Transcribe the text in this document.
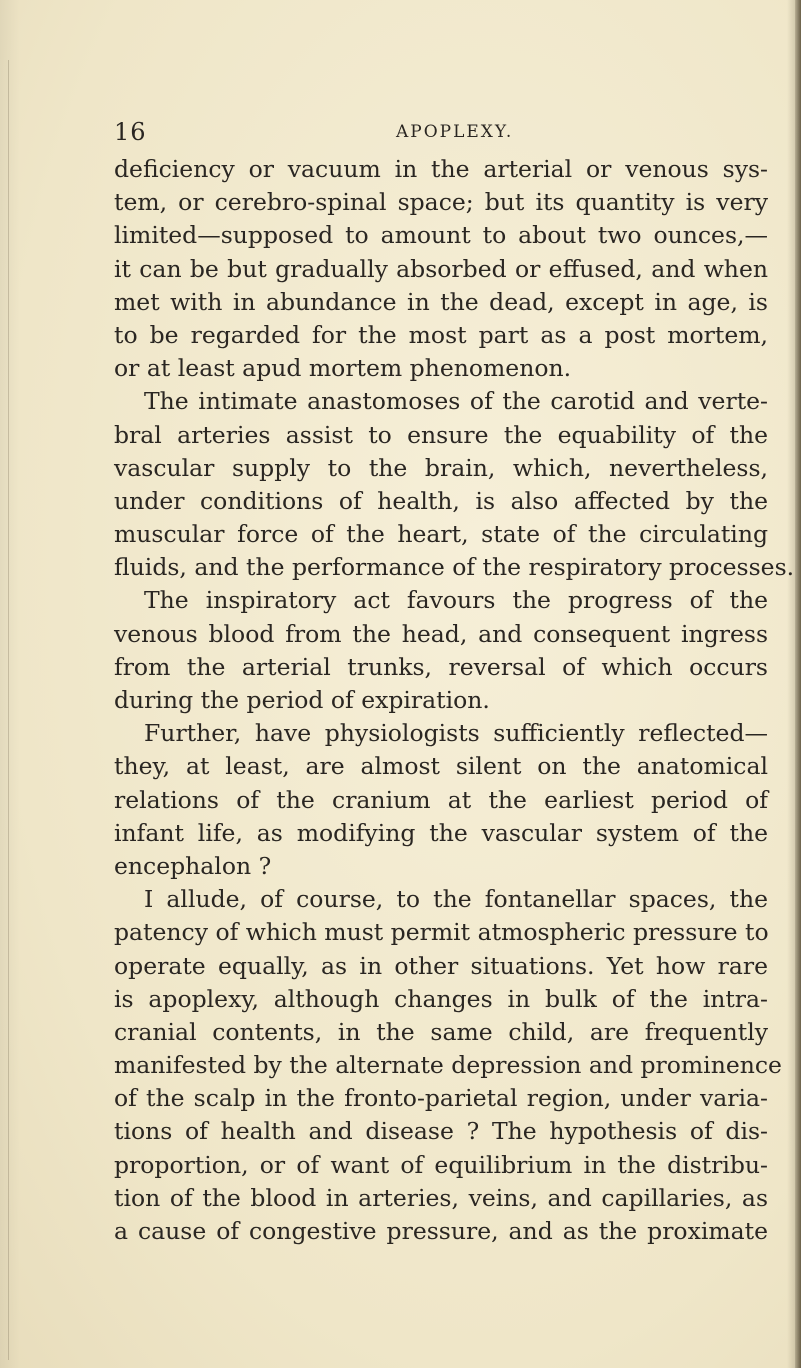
16	APOPLEXY.
deficiency or vacuum in the arterial or venous sys-
tem, or cerebro-spinal space; but its quantity is very
limited—supposed to amount to about two ounces,—
it can be but gradually absorbed or effused, and when
met with in abundance in the dead, except in age, is
to be regarded for the most part as a post mortem,
or at least apud mortem phenomenon.
The intimate anastomoses of the carotid and verte-
bral arteries assist to ensure the equability of the
vascular supply to the brain, which, nevertheless,
under conditions of health, is also affected by the
muscular force of the heart, state of the circulating
fluids, and the performance of the respiratory processes.
The inspiratory act favours the progress of the
venous blood from the head, and consequent ingress
from the arterial trunks, reversal of which occurs
during the period of expiration.
Further, have physiologists sufficiently reflected—
they, at least, are almost silent on the anatomical
relations of the cranium at the earliest period of
infant life, as modifying the vascular system of the
encephalon ?
I allude, of course, to the fontanellar spaces, the
patency of which must permit atmospheric pressure to
operate equally, as in other situations. Yet how rare
is apoplexy, although changes in bulk of the intra-
cranial contents, in the same child, are frequently
manifested by the alternate depression and prominence
of the scalp in the fronto-parietal region, under varia-
tions of health and disease ? The hypothesis of dis-
proportion, or of want of equilibrium in the distribu-
tion of the blood in arteries, veins, and capillaries, as
a cause of congestive pressure, and as the proximate
